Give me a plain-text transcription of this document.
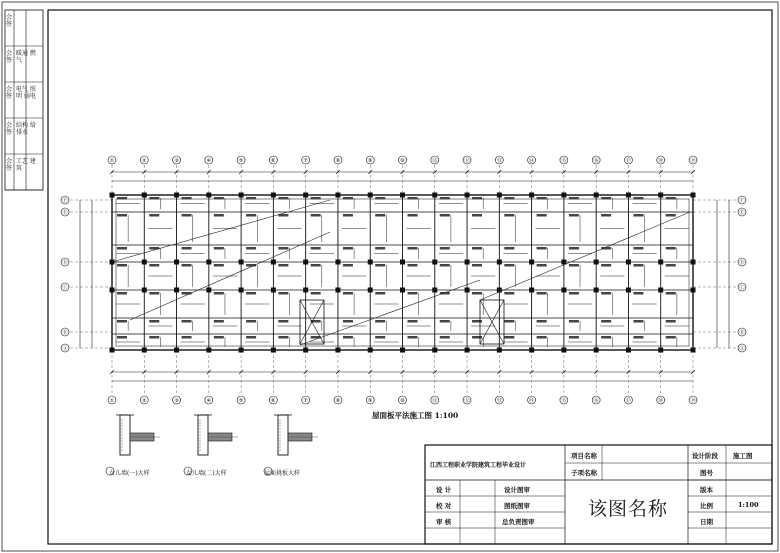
①
①
②
②
③
③
④
④
⑤
⑤
⑥
⑥
⑦
⑦
⑧
⑧
⑨
⑨
⑩
⑩
⑪
⑪
⑫
⑫
⑬
⑬
⑭
⑭
⑮
⑮
⑯
⑯
⑰
⑰
⑱
⑱
⑲
⑲
Ⓐ	Ⓐ
Ⓑ	Ⓑ
Ⓒ	Ⓒ
Ⓓ	Ⓓ
Ⓔ	Ⓔ
Ⓕ	Ⓕ
会签
会签
暖通 燃气
会签
电气 照明 弱电
会签
结构 给排水
会签
工艺 建筑
屋面板平法施工图 1:100
女儿墙(一)大样	女儿墙(二)大样	屋面挑板大样
江西工程职业学院建筑工程毕业设计
项目名称
子项名称
设计阶段 施工图
图号
版本
比例	1:100
日期
该图名称
设 计	设计图审
校 对	图纸图审
审 核	总负责图审
